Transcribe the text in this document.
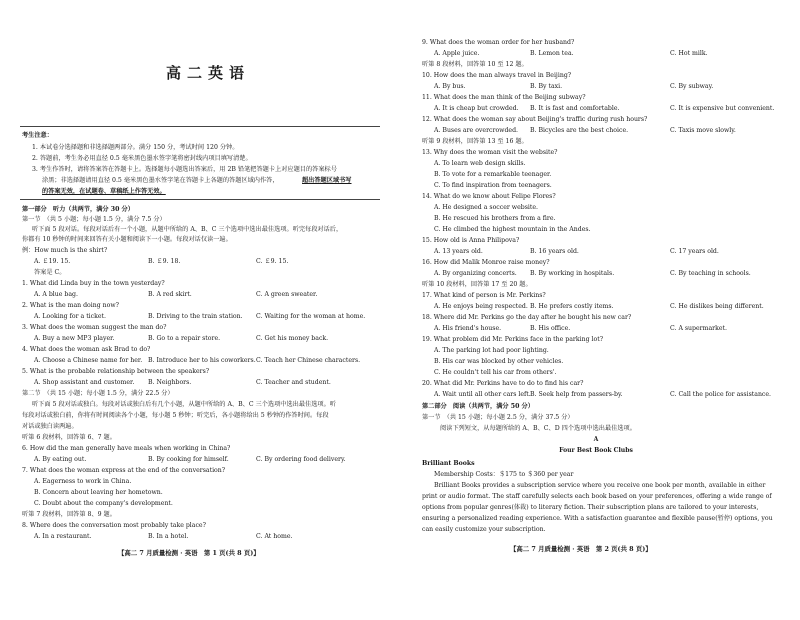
高二英语
考生注意：
1. 本试卷分选择题和非选择题两部分。满分 150 分，考试时间 120 分钟。
2. 答题前，考生务必用直径 0.5 毫米黑色墨水签字笔将密封线内项目填写清楚。
3. 考生作答时，请将答案答在答题卡上。选择题每小题选出答案后，用 2B 铅笔把答题卡上对应题目的答案标号
涂黑；非选择题请用直径 0.5 毫米黑色墨水签字笔在答题卡上各题的答题区域内作答，	超出答题区域书写
的答案无效，在试题卷、草稿纸上作答无效。
第一部分　听力（共两节，满分 30 分）
第一节　（共 5 小题；每小题 1.5 分，满分 7.5 分）
听下面 5 段对话。每段对话后有一个小题，从题中所给的 A、B、C 三个选项中选出最佳选项。听完每段对话后，
你都有 10 秒钟的时间来回答有关小题和阅读下一小题。每段对话仅读一遍。
例：How much is the shirt?
A. ￡19. 15.	B. ￡9. 18.	C. ￡9. 15.
答案是 C。
1. What did Linda buy in the town yesterday?
A. A blue bag.	B. A red skirt.	C. A green sweater.
2. What is the man doing now?
A. Looking for a ticket.	B. Driving to the train station. C. Waiting for the woman at home.
3. What does the woman suggest the man do?
A. Buy a new MP3 player.	B. Go to a repair store.	C. Get his money back.
4. What does the woman ask Brad to do?
A. Choose a Chinese name for her. B. Introduce her to his coworkers. C. Teach her Chinese characters.
5. What is the probable relationship between the speakers?
A. Shop assistant and customer. B. Neighbors.	C. Teacher and student.
第二节　（共 15 小题；每小题 1.5 分，满分 22.5 分）
听下面 5 段对话或独白。每段对话或独白后有几个小题，从题中所给的 A、B、C 三个选项中选出最佳选项。听
每段对话或独白前，你将有时间阅读各个小题，每小题 5 秒钟；听完后，各小题将给出 5 秒钟的作答时间。每段
对话或独白读两遍。
听第 6 段材料，回答第 6、7 题。
6. How did the man generally have meals when working in China?
A. By eating out.	B. By cooking for himself.	C. By ordering food delivery.
7. What does the woman express at the end of the conversation?
A. Eagerness to work in China.
B. Concern about leaving her hometown.
C. Doubt about the company's development.
听第 7 段材料，回答第 8、9 题。
8. Where does the conversation most probably take place?
A. In a restaurant.	B. In a hotel.	C. At home.
【高二 7 月质量检测 · 英语　第 1 页(共 8 页)】
9. What does the woman order for her husband?
A. Apple juice.	B. Lemon tea.	C. Hot milk.
听第 8 段材料，回答第 10 至 12 题。
10. How does the man always travel in Beijing?
A. By bus.	B. By taxi.	C. By subway.
11. What does the man think of the Beijing subway?
A. It is cheap but crowded. B. It is fast and comfortable.	C. It is expensive but convenient.
12. What does the woman say about Beijing's traffic during rush hours?
A. Buses are overcrowded. B. Bicycles are the best choice.	C. Taxis move slowly.
听第 9 段材料，回答第 13 至 16 题。
13. Why does the woman visit the website?
A. To learn web design skills.
B. To vote for a remarkable teenager.
C. To find inspiration from teenagers.
14. What do we know about Felipe Flores?
A. He designed a soccer website.
B. He rescued his brothers from a fire.
C. He climbed the highest mountain in the Andes.
15. How old is Anna Philipova?
A. 13 years old.	B. 16 years old.	C. 17 years old.
16. How did Malik Monroe raise money?
A. By organizing concerts. B. By working in hospitals.	C. By teaching in schools.
听第 10 段材料，回答第 17 至 20 题。
17. What kind of person is Mr. Perkins?
A. He enjoys being respected. B. He prefers costly items.	C. He dislikes being different.
18. Where did Mr. Perkins go the day after he bought his new car?
A. His friend's house.	B. His office.	C. A supermarket.
19. What problem did Mr. Perkins face in the parking lot?
A. The parking lot had poor lighting.
B. His car was blocked by other vehicles.
C. He couldn't tell his car from others'.
20. What did Mr. Perkins have to do to find his car?
A. Wait until all other cars left. B. Seek help from passers-by.	C. Call the police for assistance.
第二部分　阅读（共两节，满分 50 分）
第一节　（共 15 小题；每小题 2.5 分，满分 37.5 分）
阅读下列短文，从每题所给的 A、B、C、D 四个选项中选出最佳选项。
A
Four Best Book Clubs
Brilliant Books
Membership Costs：＄175 to ＄360 per year
Brilliant Books provides a subscription service where you receive one book per month, available in either
print or audio format. The staff carefully selects each book based on your preferences, offering a wide range of
options from popular genres(体裁) to literary fiction. Their subscription plans are tailored to your interests,
ensuring a personalized reading experience. With a satisfaction guarantee and flexible pause(暂停) options, you
can easily customize your subscription.
【高二 7 月质量检测 · 英语　第 2 页(共 8 页)】
